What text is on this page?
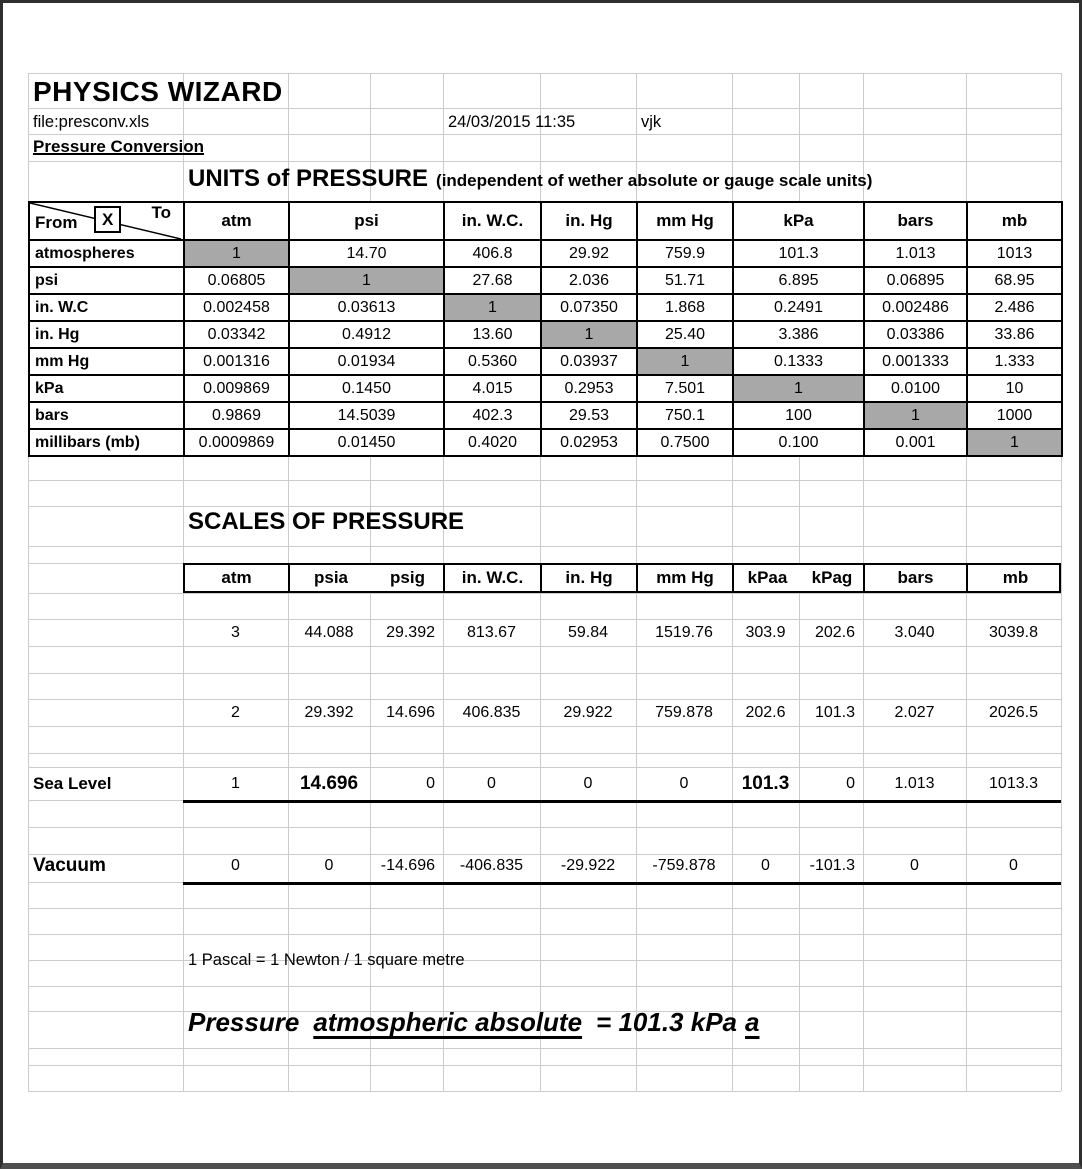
PHYSICS WIZARD
file:presconv.xls	24/03/2015 11:35	vjk
Pressure Conversion
UNITS of PRESSURE (independent of wether absolute or gauge scale units)
From X To	atm	psi	in. W.C.	in. Hg	mm Hg	kPa	bars	mb
atmospheres	1	14.70	406.8	29.92	759.9	101.3	1.013	1013
psi	0.06805	1	27.68	2.036	51.71	6.895	0.06895	68.95
in. W.C	0.002458	0.03613	1	0.07350	1.868	0.2491	0.002486	2.486
in. Hg	0.03342	0.4912	13.60	1	25.40	3.386	0.03386	33.86
mm Hg	0.001316	0.01934	0.5360	0.03937	1	0.1333	0.001333	1.333
kPa	0.009869	0.1450	4.015	0.2953	7.501	1	0.0100	10
bars	0.9869	14.5039	402.3	29.53	750.1	100	1	1000
millibars (mb)	0.0009869	0.01450	0.4020	0.02953	0.7500	0.100	0.001	1
SCALES OF PRESSURE
atm	psia	psig	in. W.C.	in. Hg	mm Hg	kPaa	kPag	bars	mb
3	44.088	29.392	813.67	59.84	1519.76	303.9	202.6	3.040	3039.8
2	29.392	14.696	406.835	29.922	759.878	202.6	101.3	2.027	2026.5
Sea Level	1	14.696	0	0	0	0	101.3	0	1.013	1013.3
Vacuum	0	0	-14.696	-406.835	-29.922	-759.878	0	-101.3	0	0
1 Pascal = 1 Newton / 1 square metre
Pressure atmospheric absolute = 101.3 kPa a
